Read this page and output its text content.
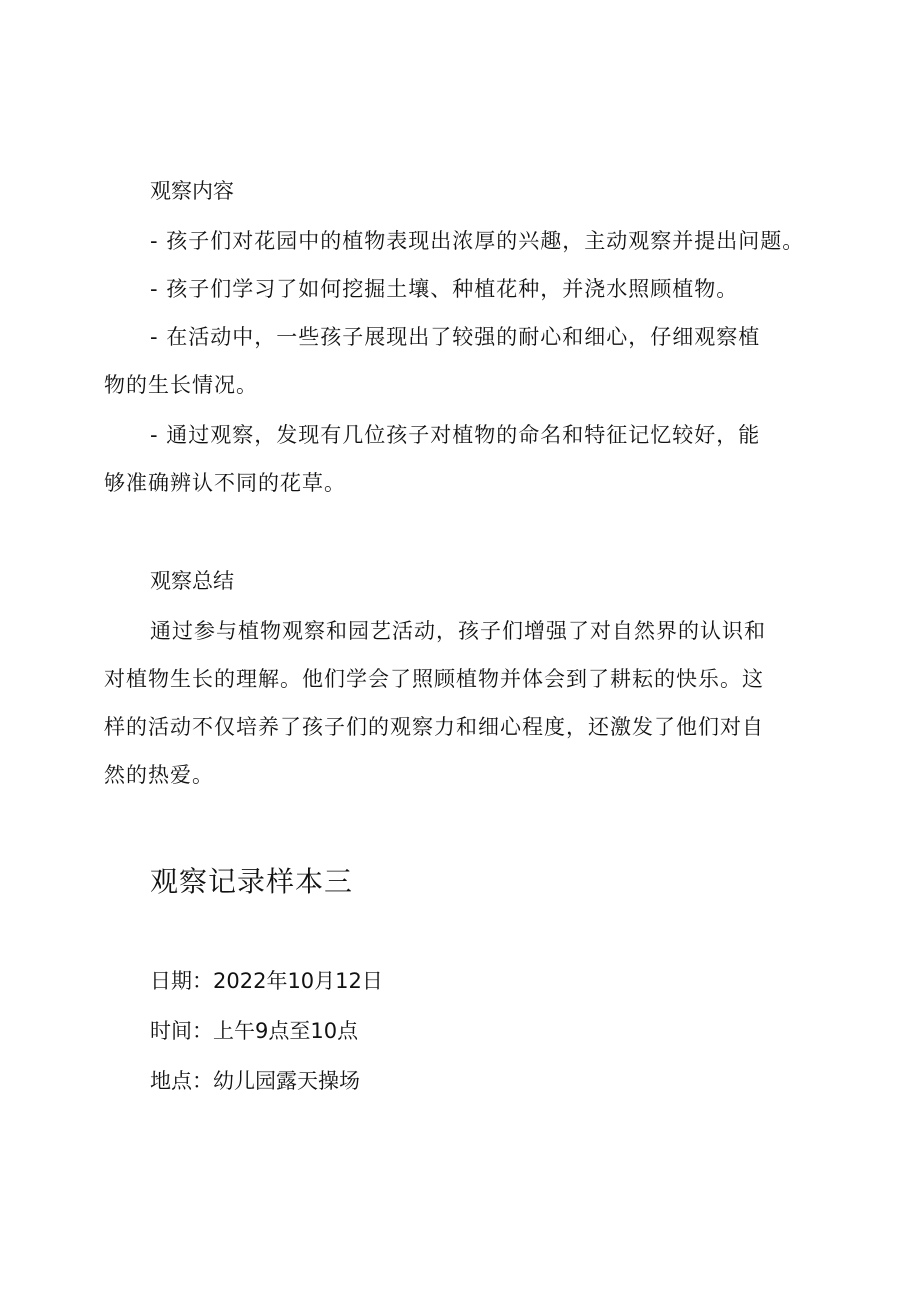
观察内容
- 孩子们对花园中的植物表现出浓厚的兴趣，主动观察并提出问题。
- 孩子们学习了如何挖掘土壤、种植花种，并浇水照顾植物。
- 在活动中，一些孩子展现出了较强的耐心和细心，仔细观察植
物的生长情况。
- 通过观察，发现有几位孩子对植物的命名和特征记忆较好，能
够准确辨认不同的花草。
观察总结
通过参与植物观察和园艺活动，孩子们增强了对自然界的认识和
对植物生长的理解。他们学会了照顾植物并体会到了耕耘的快乐。这
样的活动不仅培养了孩子们的观察力和细心程度，还激发了他们对自
然的热爱。
观察记录样本三
日期：2022年10月12日
时间：上午9点至10点
地点：幼儿园露天操场
